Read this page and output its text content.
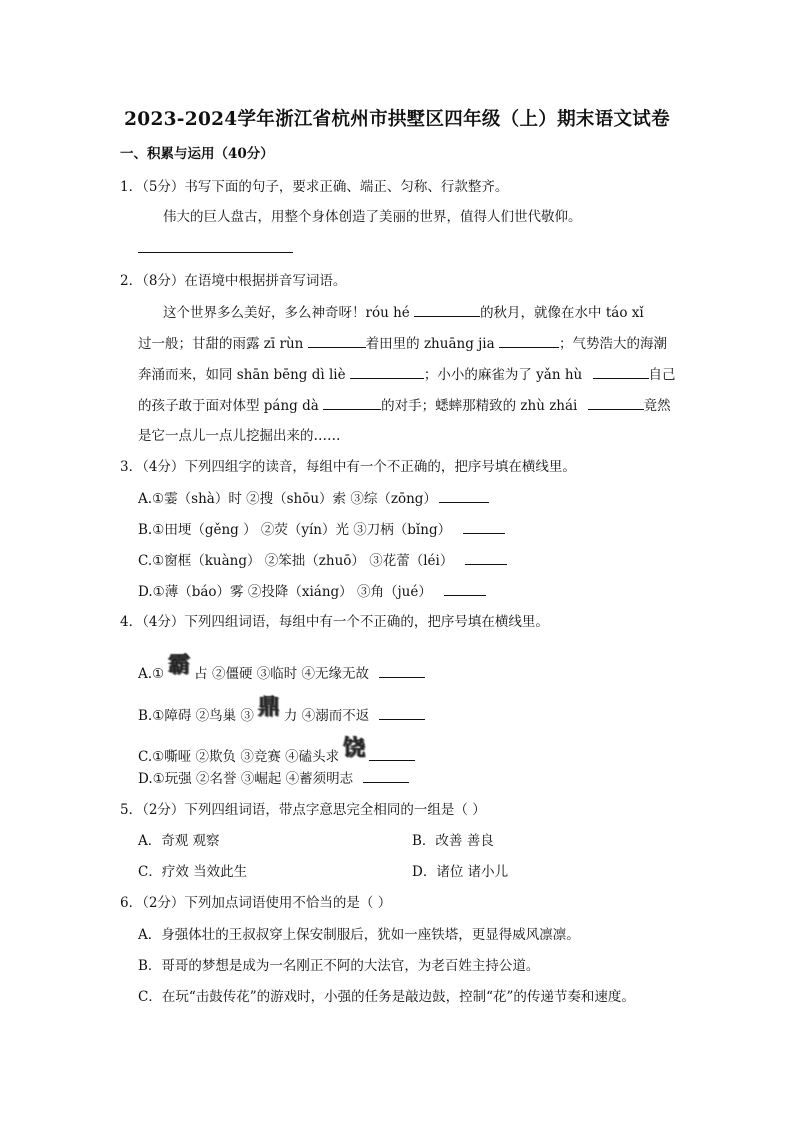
2023-2024学年浙江省杭州市拱墅区四年级（上）期末语文试卷
一、积累与运用（40分）
1．（5分）书写下面的句子，要求正确、端正、匀称、行款整齐。
伟大的巨人盘古，用整个身体创造了美丽的世界，值得人们世代敬仰。
2．（8分）在语境中根据拼音写词语。
这个世界多么美好，多么神奇呀！róu hé	的秋月，就像在水中 táo xǐ
过一般；甘甜的雨露 zī rùn	着田里的 zhuāng jia	；气势浩大的海潮
奔涌而来，如同 shān bēng dì liè	；小小的麻雀为了 yǎn hù	自己
的孩子敢于面对体型 páng dà	的对手；蟋蟀那精致的 zhù zhái	竟然
是它一点儿一点儿挖掘出来的……
3．（4分）下列四组字的读音，每组中有一个不正确的，把序号填在横线里。
A.①霎（shà）时 ②搜（shōu）索 ③综（zōng）
B.①田埂（gěng ） ②荧（yín）光 ③刀柄（bǐng）
C.①窗框（kuàng） ②笨拙（zhuō） ③花蕾（léi）
D.①薄（báo）雾 ②投降（xiáng） ③角（jué）
4．（4分）下列四组词语，每组中有一个不正确的，把序号填在横线里。
A.① 霸 占 ②僵硬 ③临时 ④无缘无故
B.①障碍 ②鸟巢 ③ 鼎 力 ④溺而不返
C.①嘶哑 ②欺负 ③竞赛 ④磕头求 饶
D.①玩强 ②名誉 ③崛起 ④蓄须明志
5．（2分）下列四组词语，带点字意思完全相同的一组是（ ）
A．奇观 观察	B．改善 善良
C．疗效 当效此生	D．诸位 诸小儿
6．（2分）下列加点词语使用不恰当的是（ ）
A．身强体壮的王叔叔穿上保安制服后，犹如一座铁塔，更显得威风凛凛。
B．哥哥的梦想是成为一名刚正不阿的大法官，为老百姓主持公道。
C．在玩“击鼓传花”的游戏时，小强的任务是敲边鼓，控制“花”的传递节奏和速度。
